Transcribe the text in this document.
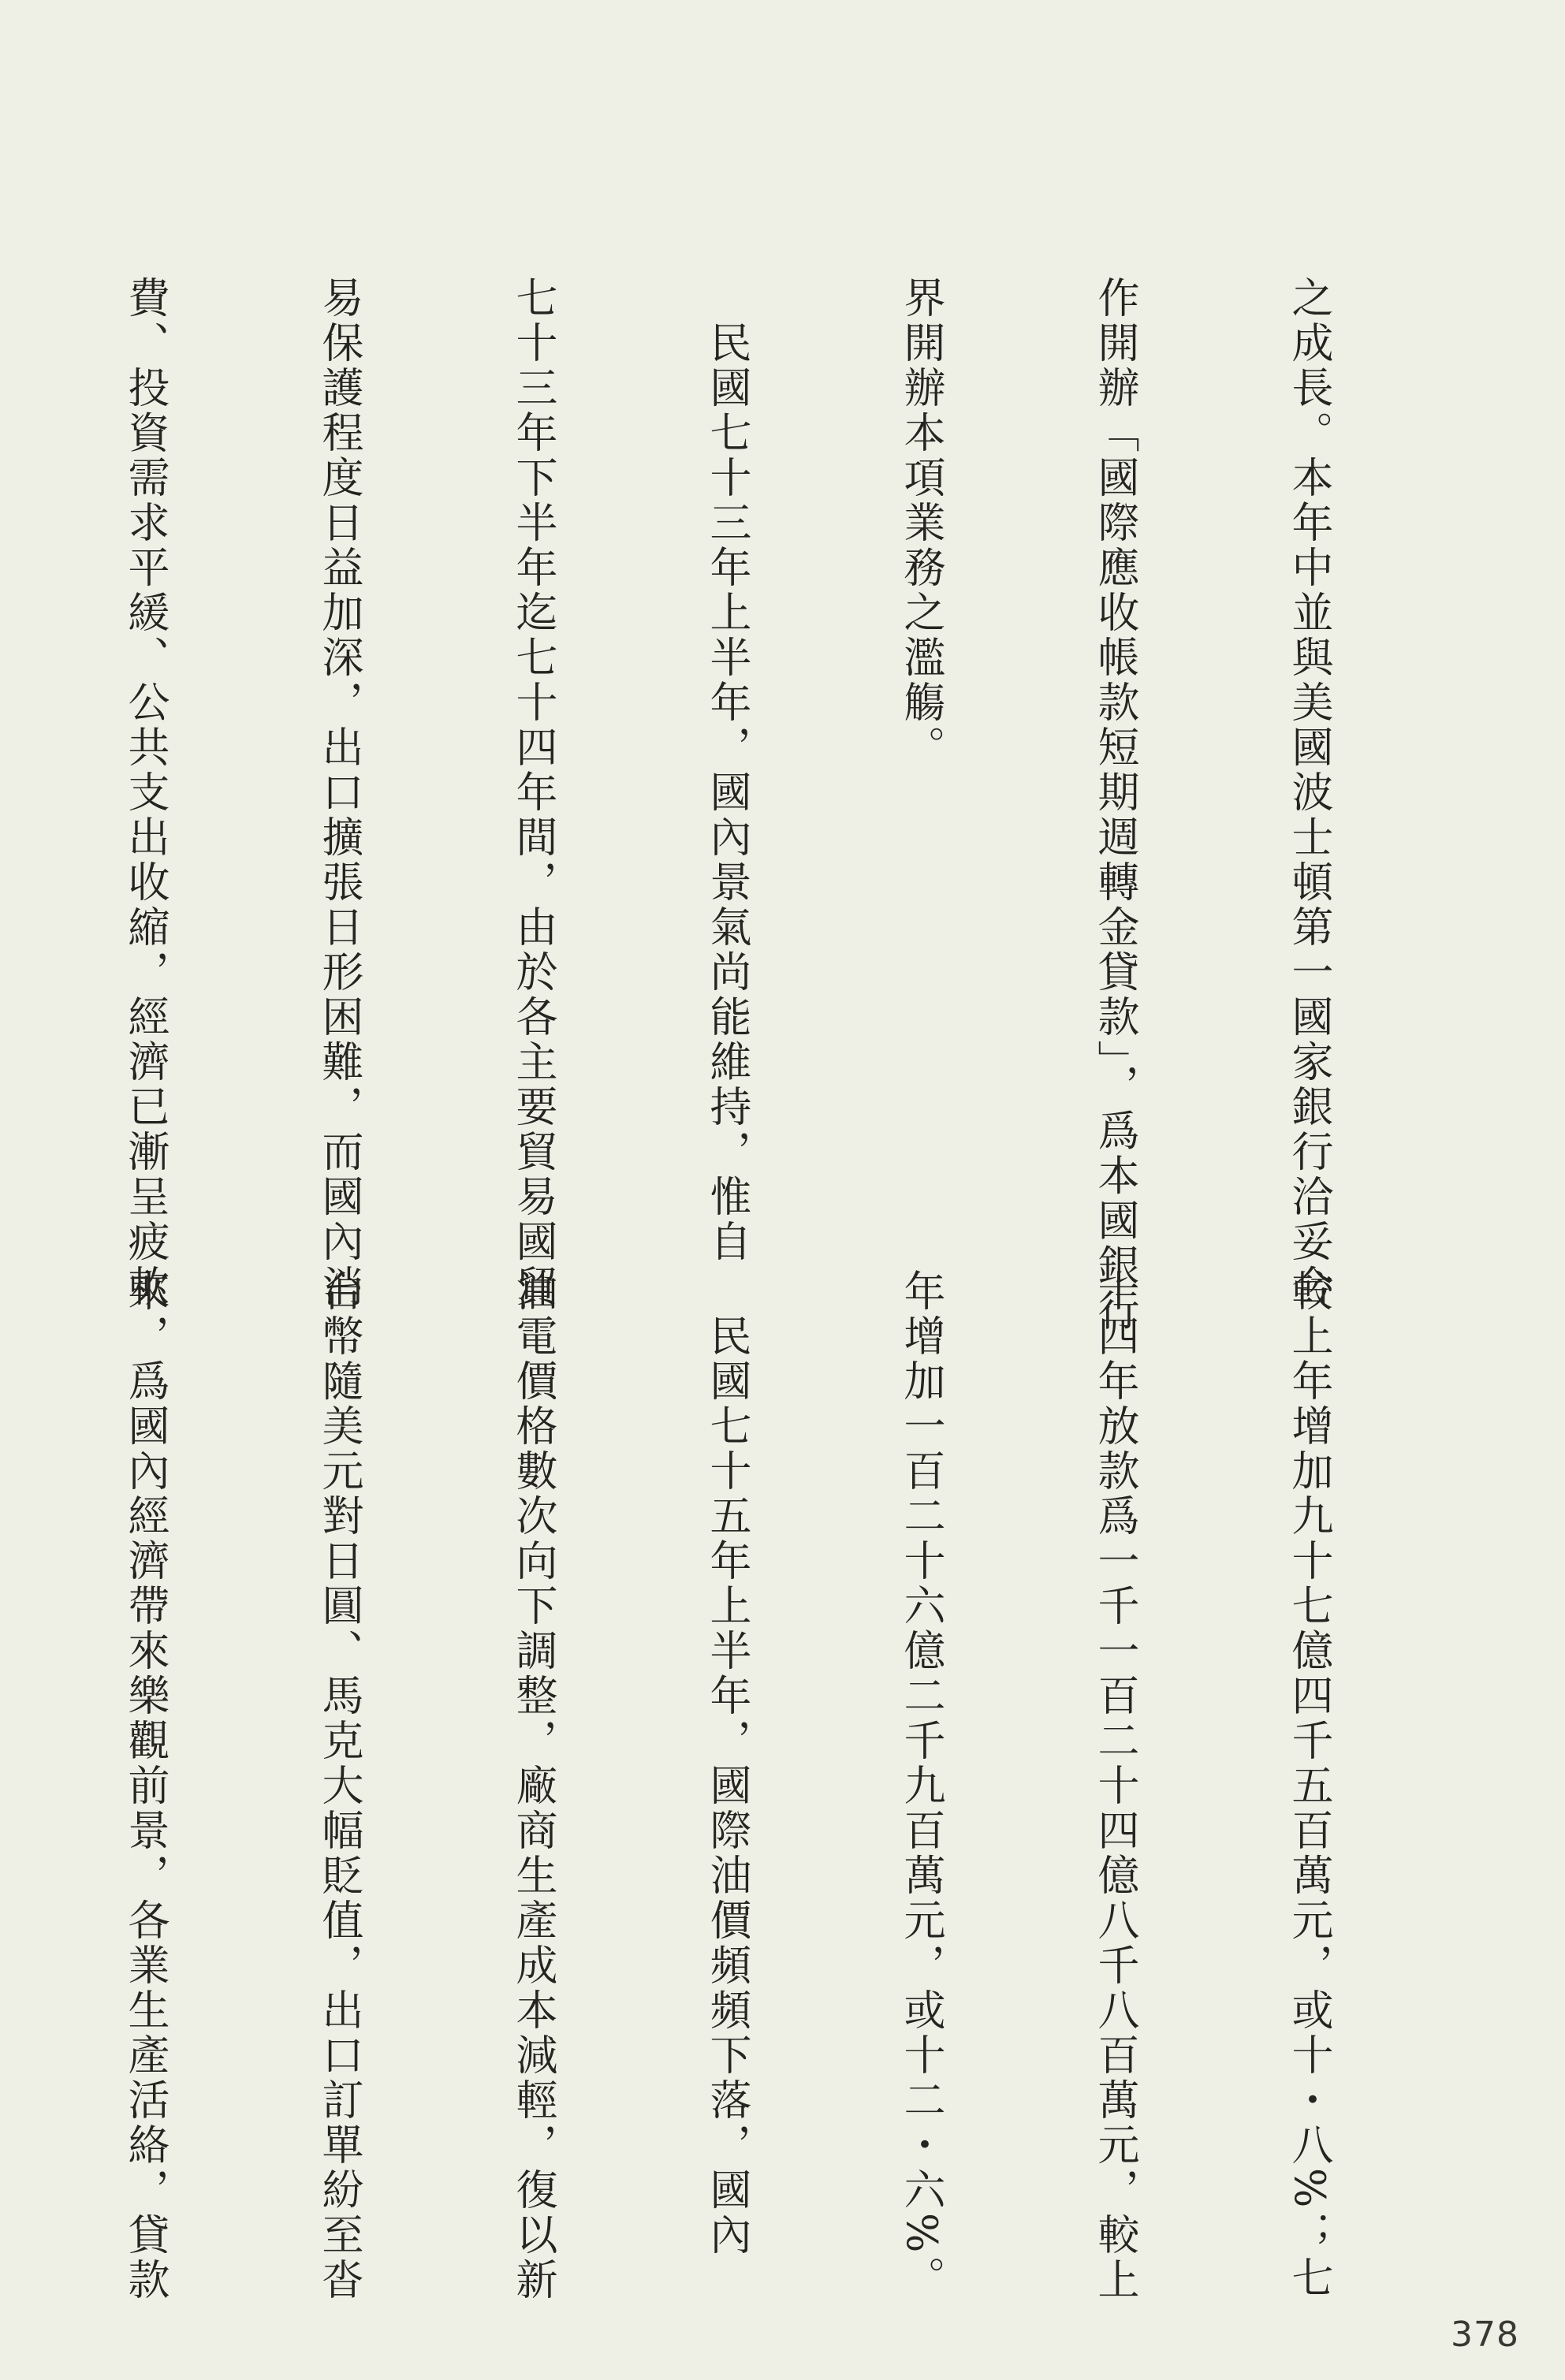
之成長。本年中並與美國波士頓第一國家銀行洽妥合

作開辦「國際應收帳款短期週轉金貸款」，爲本國銀行

界開辦本項業務之濫觴。

　民國七十三年上半年，國內景氣尚能維持，惟自

七十三年下半年迄七十四年間，由於各主要貿易國貿

易保護程度日益加深，出口擴張日形困難，而國內消

費、投資需求平緩、公共支出收縮，經濟已漸呈疲軟

較上年增加九十七億四千五百萬元，或十・八%；七

十四年放款爲一千一百二十四億八千八百萬元，較上

年增加一百二十六億二千九百萬元，或十二・六%。

　民國七十五年上半年，國際油價頻頻下落，國內

油電價格數次向下調整，廠商生產成本減輕，復以新

台幣隨美元對日圓、馬克大幅貶值，出口訂單紛至沓

來，爲國內經濟帶來樂觀前景，各業生產活絡，貸款

378
